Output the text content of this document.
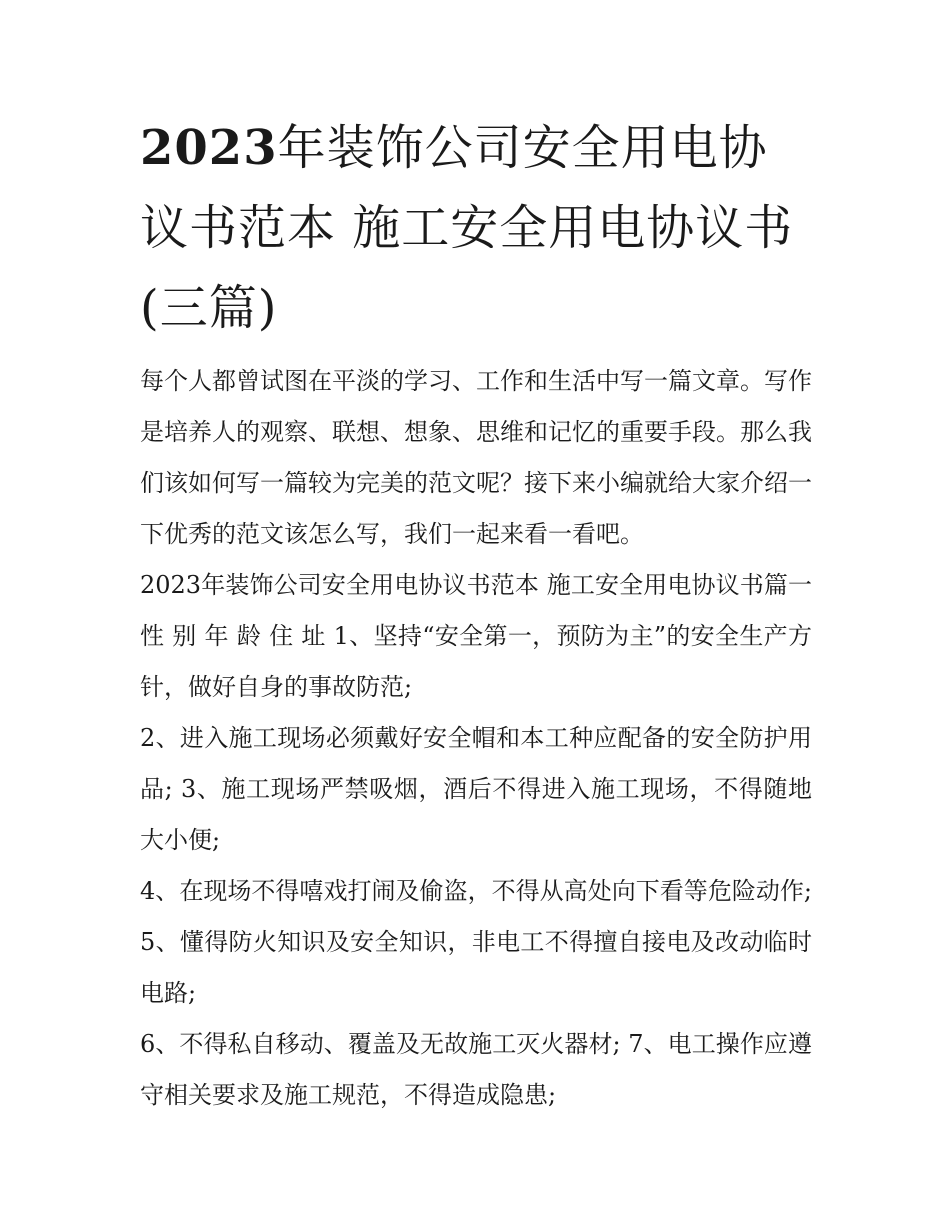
2023年装饰公司安全用电协议书范本 施工安全用电协议书(三篇)

每个人都曾试图在平淡的学习、工作和生活中写一篇文章。写作是培养人的观察、联想、想象、思维和记忆的重要手段。那么我们该如何写一篇较为完美的范文呢？接下来小编就给大家介绍一下优秀的范文该怎么写，我们一起来看一看吧。

2023年装饰公司安全用电协议书范本 施工安全用电协议书篇一 性 别 年 龄 住 址 1、坚持“安全第一，预防为主”的安全生产方针，做好自身的事故防范;

2、进入施工现场必须戴好安全帽和本工种应配备的安全防护用品; 3、施工现场严禁吸烟，酒后不得进入施工现场，不得随地大小便;

4、在现场不得嘻戏打闹及偷盗，不得从高处向下看等危险动作; 5、懂得防火知识及安全知识，非电工不得擅自接电及改动临时电路;

6、不得私自移动、覆盖及无故施工灭火器材; 7、电工操作应遵守相关要求及施工规范，不得造成隐患;
